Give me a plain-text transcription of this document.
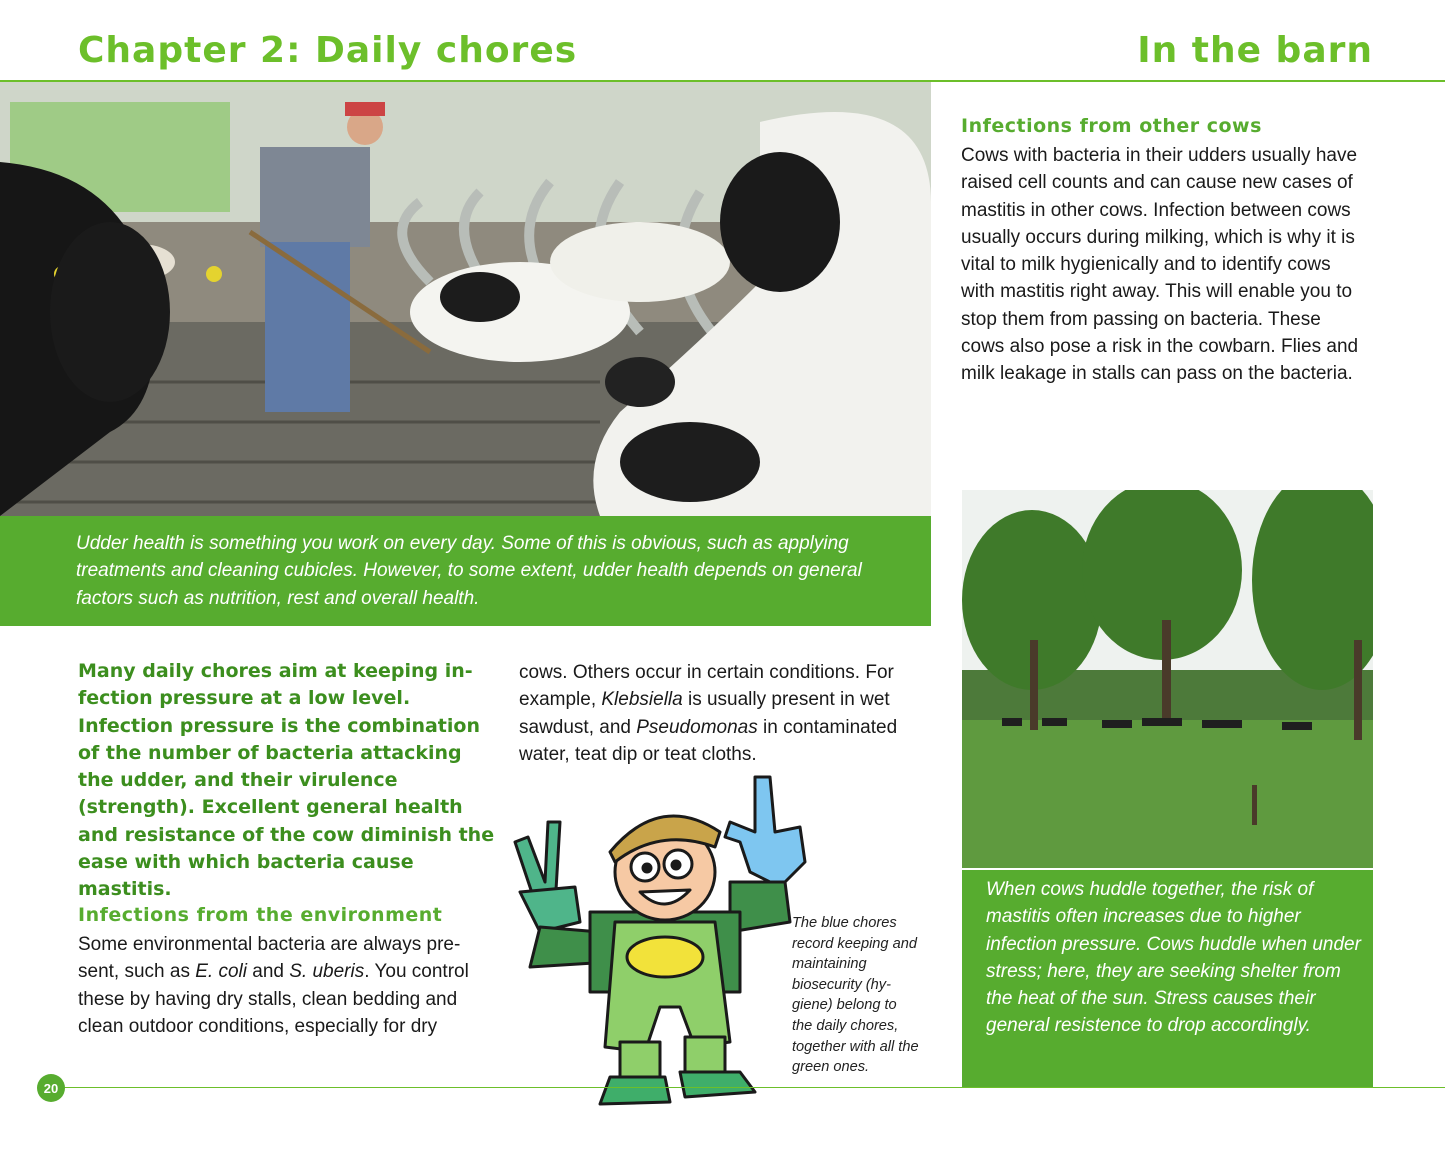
Chapter 2: Daily chores	In the barn

Udder health is something you work on every day. Some of this is obvious, such as applying treatments and cleaning cubicles. However, to some extent, udder health depends on general factors such as nutrition, rest and overall health.

Many daily chores aim at keeping infection pressure at a low level. Infection pressure is the combination of the number of bacteria attacking the udder, and their virulence (strength). Excellent general health and resistance of the cow diminish the ease with which bacteria cause mastitis.

Infections from the environment

Some environmental bacteria are always present, such as E. coli and S. uberis. You control these by having dry stalls, clean bedding and clean outdoor conditions, especially for dry

cows. Others occur in certain conditions. For example, Klebsiella is usually present in wet sawdust, and Pseudomonas in contaminated water, teat dip or teat cloths.

The blue chores record keeping and maintaining biosecurity (hygiene) belong to the daily chores, together with all the green ones.
Infections from other cows

Cows with bacteria in their udders usually have raised cell counts and can cause new cases of mastitis in other cows. Infection between cows usually occurs during milking, which is why it is vital to milk hygienically and to identify cows with mastitis right away. This will enable you to stop them from passing on bacteria. These cows also pose a risk in the cowbarn. Flies and milk leakage in stalls can pass on the bacteria.

When cows huddle together, the risk of mastitis often increases due to higher infection pressure. Cows huddle when under stress; here, they are seeking shelter from the heat of the sun. Stress causes their general resistence to drop accordingly.

20
